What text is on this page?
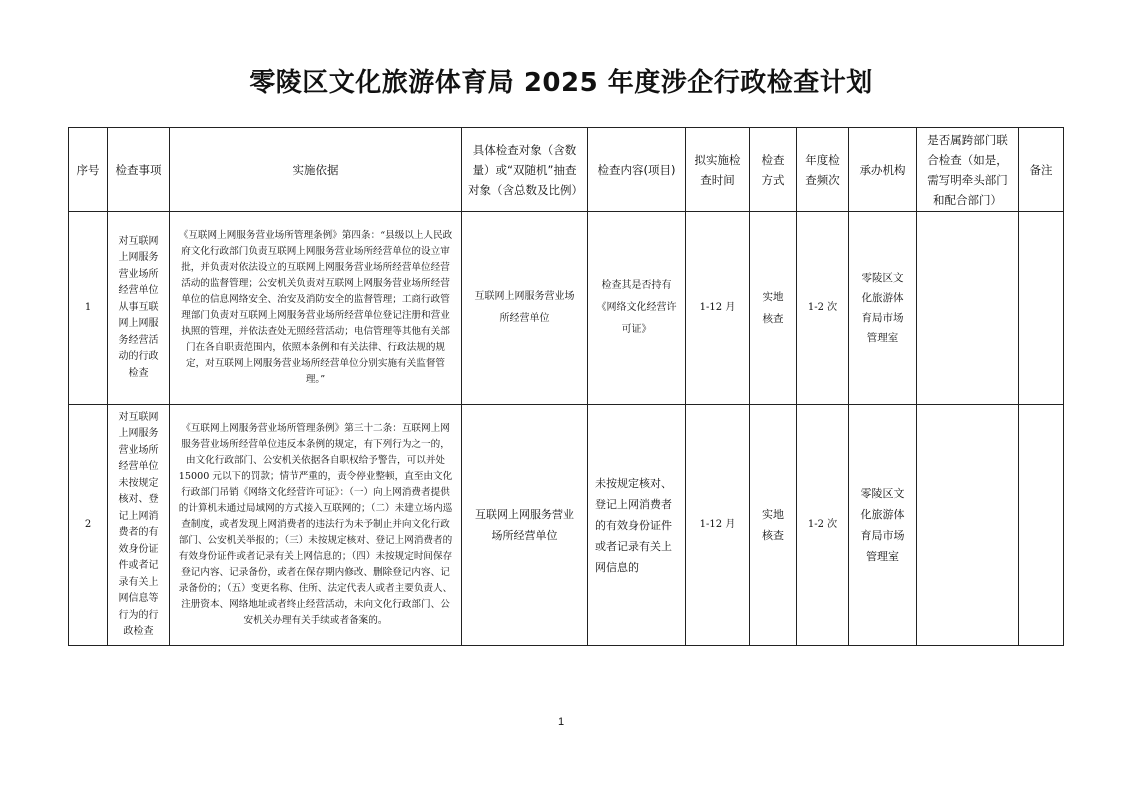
零陵区文化旅游体育局 2025 年度涉企行政检查计划
序号	检查事项	实施依据	具体检查对象（含数量）或“双随机”抽查对象（含总数及比例）	检查内容(项目)	拟实施检查时间	检查方式	年度检查频次	承办机构	是否属跨部门联合检查（如是，需写明牵头部门和配合部门）	备注
1	对互联网上网服务营业场所经营单位从事互联网上网服务经营活动的行政检查	《互联网上网服务营业场所管理条例》第四条：“县级以上人民政府文化行政部门负责互联网上网服务营业场所经营单位的设立审批，并负责对依法设立的互联网上网服务营业场所经营单位经营活动的监督管理；公安机关负责对互联网上网服务营业场所经营单位的信息网络安全、治安及消防安全的监督管理；工商行政管理部门负责对互联网上网服务营业场所经营单位登记注册和营业执照的管理，并依法查处无照经营活动；电信管理等其他有关部门在各自职责范围内，依照本条例和有关法律、行政法规的规定，对互联网上网服务营业场所经营单位分别实施有关监督管理。”	互联网上网服务营业场所经营单位	检查其是否持有《网络文化经营许可证》	1-12 月	实地核查	1-2 次	零陵区文化旅游体育局市场管理室		
2	对互联网上网服务营业场所经营单位未按规定核对、登记上网消费者的有效身份证件或者记录有关上网信息等行为的行政检查	《互联网上网服务营业场所管理条例》第三十二条：互联网上网服务营业场所经营单位违反本条例的规定，有下列行为之一的，由文化行政部门、公安机关依据各自职权给予警告，可以并处 15000 元以下的罚款；情节严重的，责令停业整顿，直至由文化行政部门吊销《网络文化经营许可证》：（一）向上网消费者提供的计算机未通过局域网的方式接入互联网的；（二）未建立场内巡查制度，或者发现上网消费者的违法行为未予制止并向文化行政部门、公安机关举报的；（三）未按规定核对、登记上网消费者的有效身份证件或者记录有关上网信息的；（四）未按规定时间保存登记内容、记录备份，或者在保存期内修改、删除登记内容、记录备份的；（五）变更名称、住所、法定代表人或者主要负责人、注册资本、网络地址或者终止经营活动，未向文化行政部门、公安机关办理有关手续或者备案的。	互联网上网服务营业场所经营单位	未按规定核对、登记上网消费者的有效身份证件或者记录有关上网信息的	1-12 月	实地核查	1-2 次	零陵区文化旅游体育局市场管理室		
1
